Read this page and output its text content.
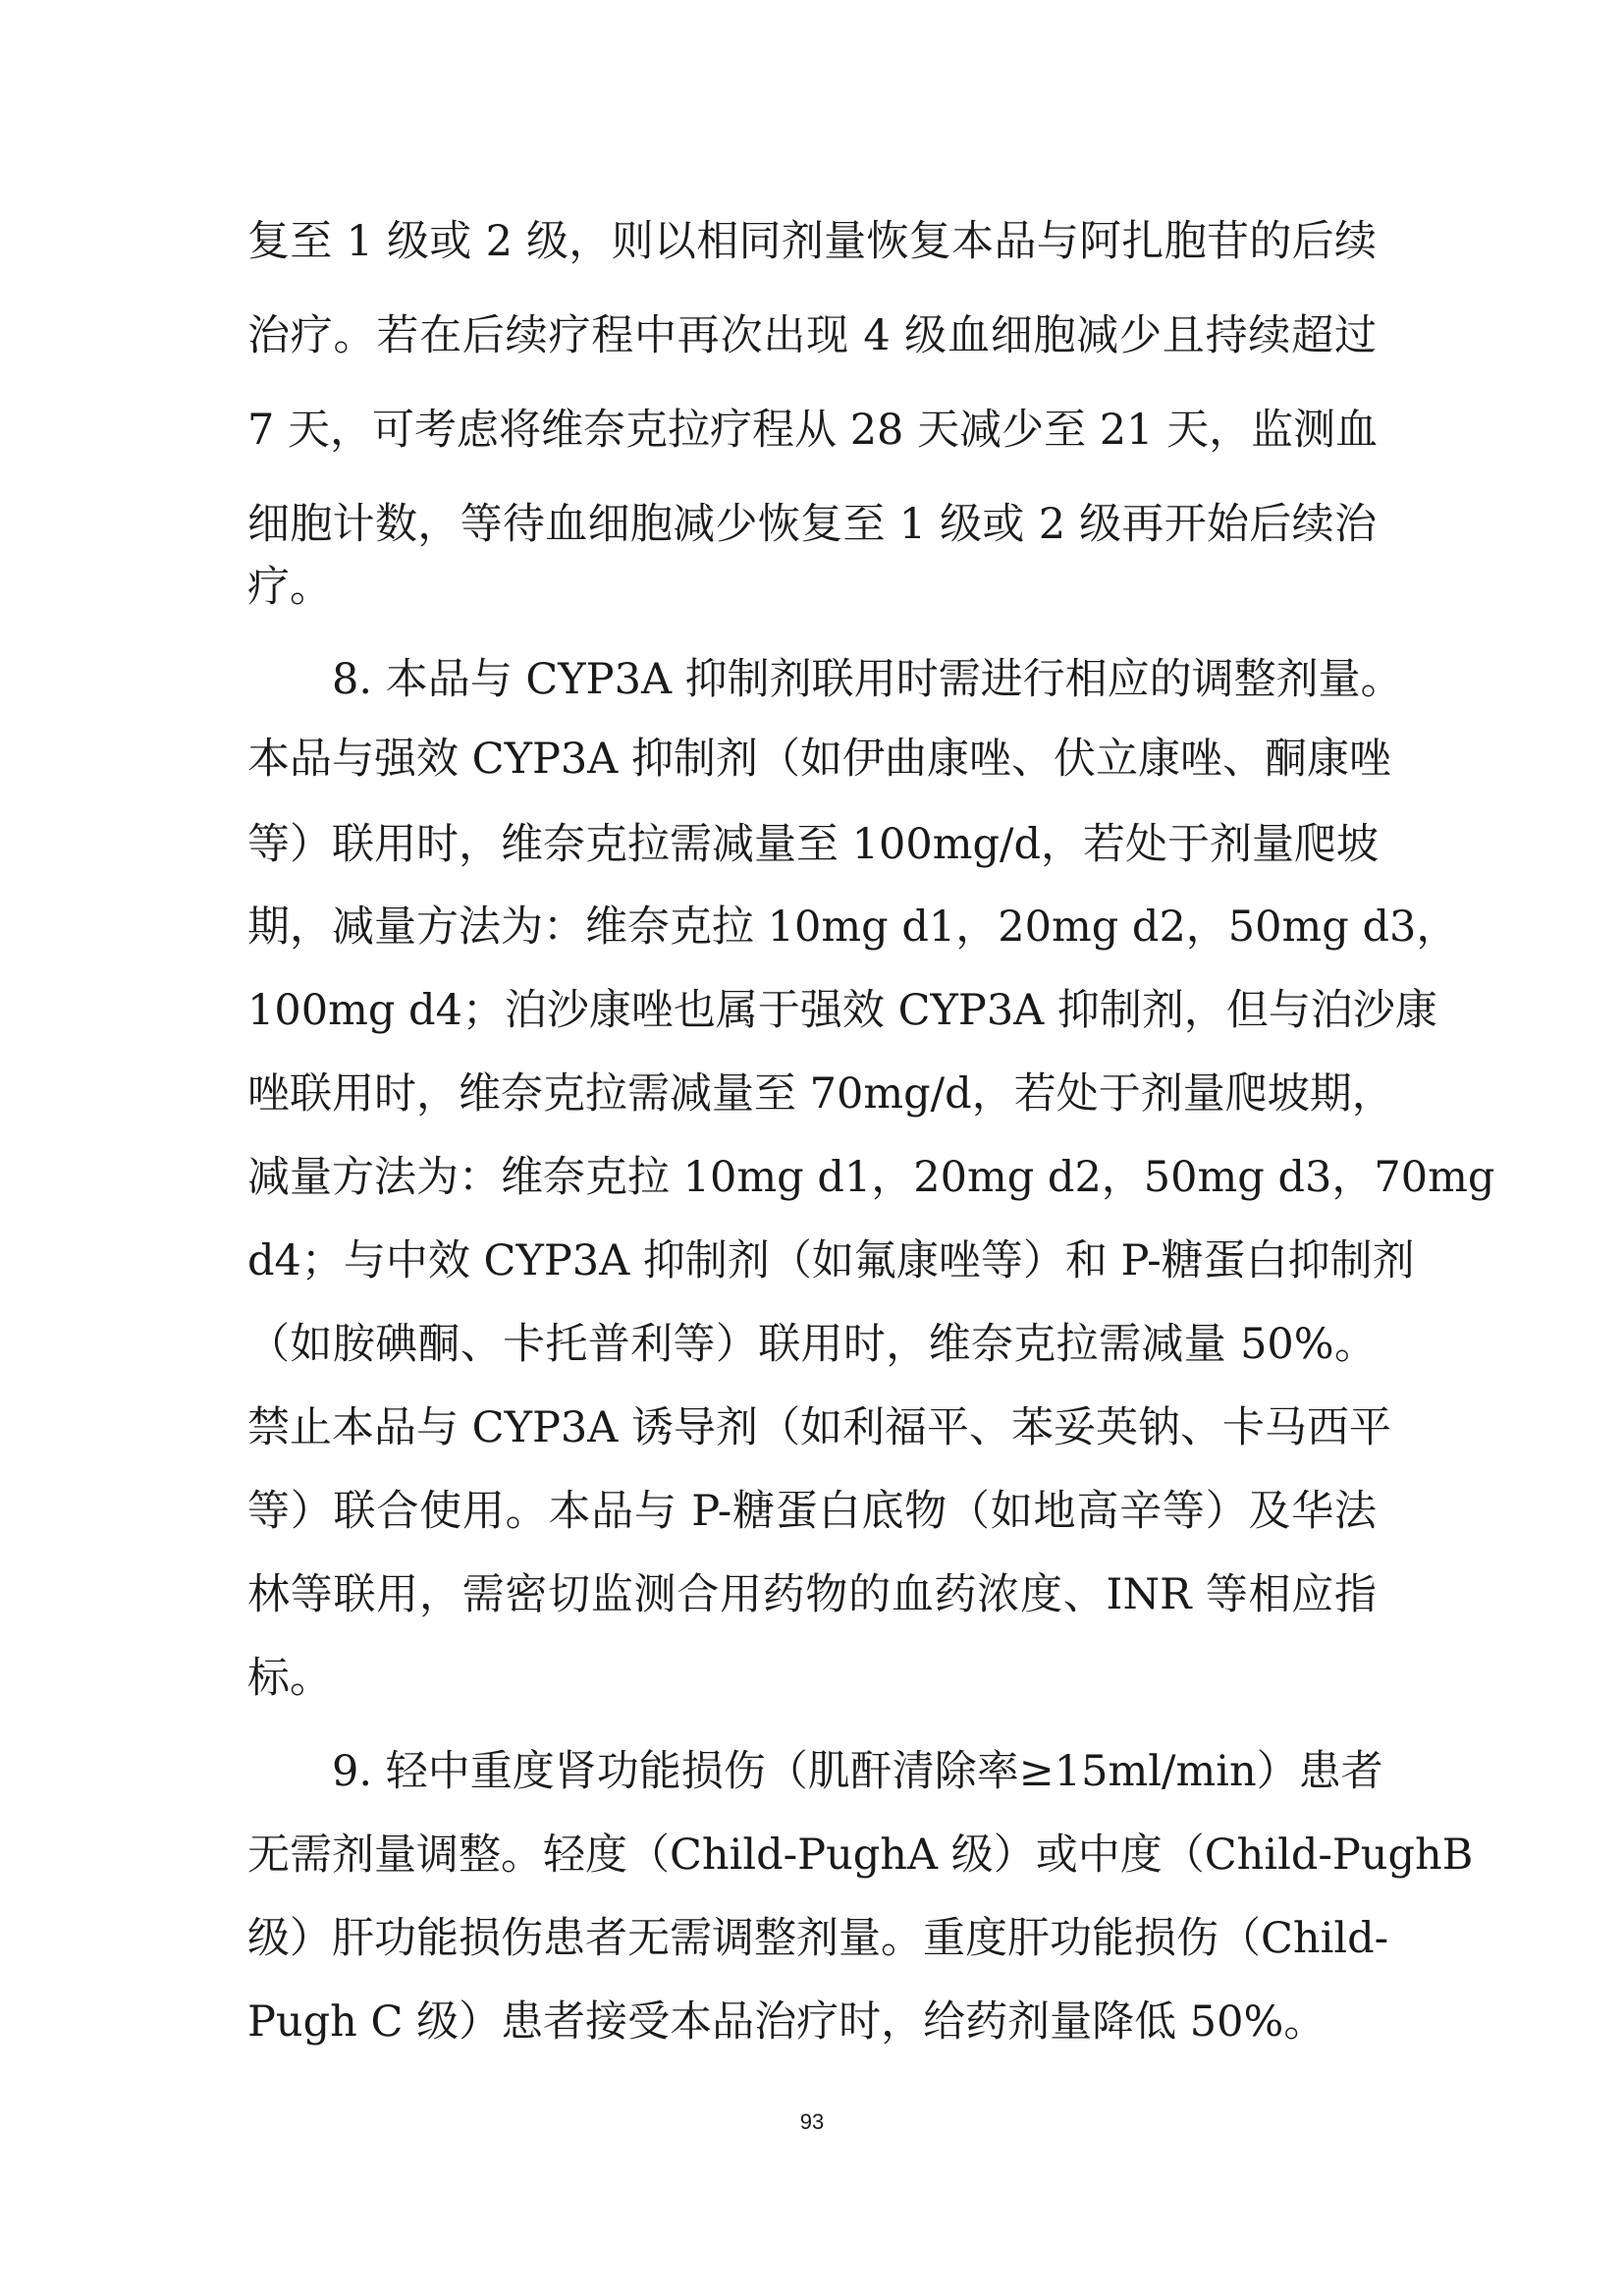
复至 1 级或 2 级，则以相同剂量恢复本品与阿扎胞苷的后续
治疗。若在后续疗程中再次出现 4 级血细胞减少且持续超过
7 天，可考虑将维奈克拉疗程从 28 天减少至 21 天，监测血
细胞计数，等待血细胞减少恢复至 1 级或 2 级再开始后续治
疗。
　　8. 本品与 CYP3A 抑制剂联用时需进行相应的调整剂量。
本品与强效 CYP3A 抑制剂（如伊曲康唑、伏立康唑、酮康唑
等）联用时，维奈克拉需减量至 100mg/d，若处于剂量爬坡
期，减量方法为：维奈克拉 10mg d1，20mg d2，50mg d3，
100mg d4；泊沙康唑也属于强效 CYP3A 抑制剂，但与泊沙康
唑联用时，维奈克拉需减量至 70mg/d，若处于剂量爬坡期，
减量方法为：维奈克拉 10mg d1，20mg d2，50mg d3，70mg
d4；与中效 CYP3A 抑制剂（如氟康唑等）和 P-糖蛋白抑制剂
（如胺碘酮、卡托普利等）联用时，维奈克拉需减量 50%。
禁止本品与 CYP3A 诱导剂（如利福平、苯妥英钠、卡马西平
等）联合使用。本品与 P-糖蛋白底物（如地高辛等）及华法
林等联用，需密切监测合用药物的血药浓度、INR 等相应指
标。
　　9. 轻中重度肾功能损伤（肌酐清除率≥15ml/min）患者
无需剂量调整。轻度（Child-PughA 级）或中度（Child-PughB
级）肝功能损伤患者无需调整剂量。重度肝功能损伤（Child-
Pugh C 级）患者接受本品治疗时，给药剂量降低 50%。
93
